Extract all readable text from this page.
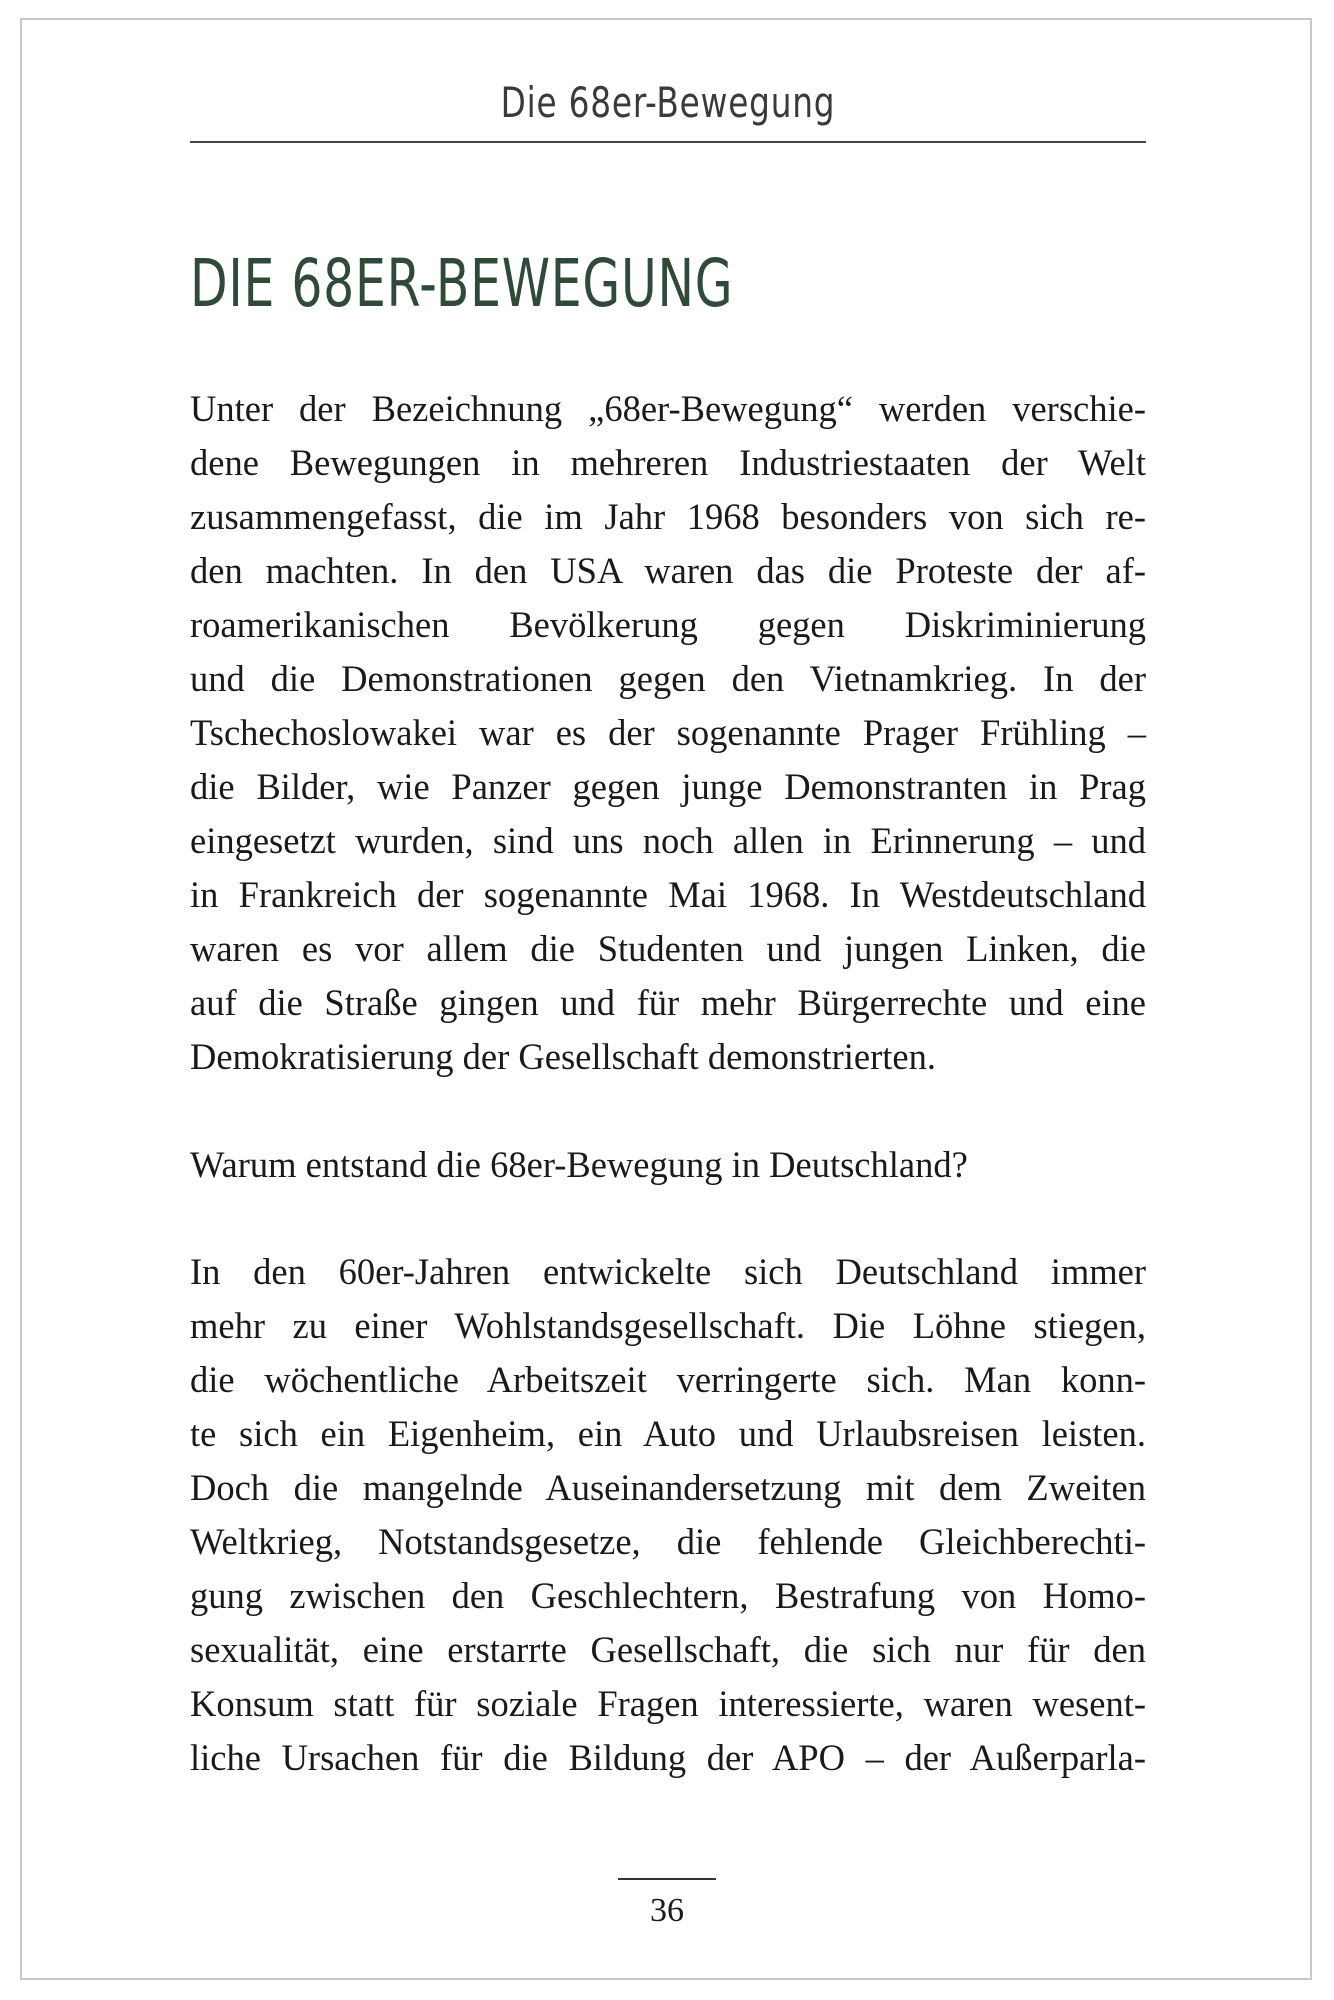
Die 68er-Bewegung
DIE 68ER-BEWEGUNG
Unter der Bezeichnung „68er-Bewegung“ werden verschie-
dene Bewegungen in mehreren Industriestaaten der Welt
zusammengefasst, die im Jahr 1968 besonders von sich re-
den machten. In den USA waren das die Proteste der af-
roamerikanischen Bevölkerung gegen Diskriminierung
und die Demonstrationen gegen den Vietnamkrieg. In der
Tschechoslowakei war es der sogenannte Prager Frühling –
die Bilder, wie Panzer gegen junge Demonstranten in Prag
eingesetzt wurden, sind uns noch allen in Erinnerung – und
in Frankreich der sogenannte Mai 1968. In Westdeutschland
waren es vor allem die Studenten und jungen Linken, die
auf die Straße gingen und für mehr Bürgerrechte und eine
Demokratisierung der Gesellschaft demonstrierten.
Warum entstand die 68er-Bewegung in Deutschland?
In den 60er-Jahren entwickelte sich Deutschland immer
mehr zu einer Wohlstandsgesellschaft. Die Löhne stiegen,
die wöchentliche Arbeitszeit verringerte sich. Man konn-
te sich ein Eigenheim, ein Auto und Urlaubsreisen leisten.
Doch die mangelnde Auseinandersetzung mit dem Zweiten
Weltkrieg, Notstandsgesetze, die fehlende Gleichberechti-
gung zwischen den Geschlechtern, Bestrafung von Homo-
sexualität, eine erstarrte Gesellschaft, die sich nur für den
Konsum statt für soziale Fragen interessierte, waren wesent-
liche Ursachen für die Bildung der APO – der Außerparla-
36
